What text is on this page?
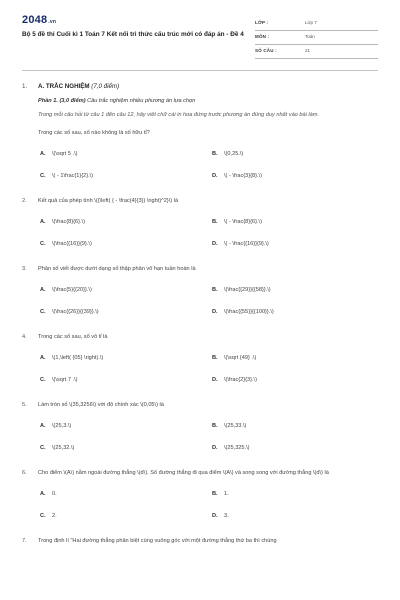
2048.vn
Bộ 5 đề thi Cuối kì 1 Toán 7 Kết nối tri thức cấu trúc mới có đáp án - Đề 4
LỚP :	Lớp 7
MÔN :	Toán
SỐ CÂU :	21
1. A. TRẮC NGHIỆM (7,0 điểm)
Phần 1. (3,0 điểm) Câu trắc nghiệm nhiều phương án lựa chọn
Trong mỗi câu hỏi từ câu 1 đến câu 12, hãy viết chữ cái in hoa đứng trước phương án đúng duy nhất vào bài làm.
Trong các số sau, số nào không là số hữu tỉ?
A. \(\sqrt 5 .\)	B. \(0,25.\)
C. \( - 1\frac{1}{2}.\)	D. \( - \frac{3}{8}.\)
2. Kết quả của phép tính \({\left( { - \frac{4}{3}} \right)^2}\) là
A. \(\frac{8}{6}.\)	B. \( - \frac{8}{6}.\)
C. \(\frac{{16}}{9}.\)	D. \( - \frac{{16}}{9}.\)
3. Phân số viết được dưới dạng số thập phân vô hạn tuần hoàn là
A. \(\frac{5}{{20}}.\)	B. \(\frac{{29}}{{58}}.\)
C. \(\frac{{26}}{{39}}.\)	D. \(\frac{{55}}{{100}}.\)
4. Trong các số sau, số vô tỉ là
A. \(1,\left( {05} \right).\)	B. \(\sqrt {49} .\)
C. \(\sqrt 7 .\)	D. \(\frac{2}{3}.\)
5. Làm tròn số \(35,3256\) với độ chính xác \(0,05\) là
A. \(25,3.\)	B. \(25,33.\)
C. \(25,32.\)	D. \(25,325.\)
6. Cho điểm \(A\) nằm ngoài đường thẳng \(d\). Số đường thẳng đi qua điểm \(A\) và song song với đường thẳng \(d\) là
A. 0.	B. 1.
C. 2.	D. 3.
7. Trong định lí "Hai đường thẳng phân biệt cùng vuông góc với một đường thẳng thứ ba thì chúng
